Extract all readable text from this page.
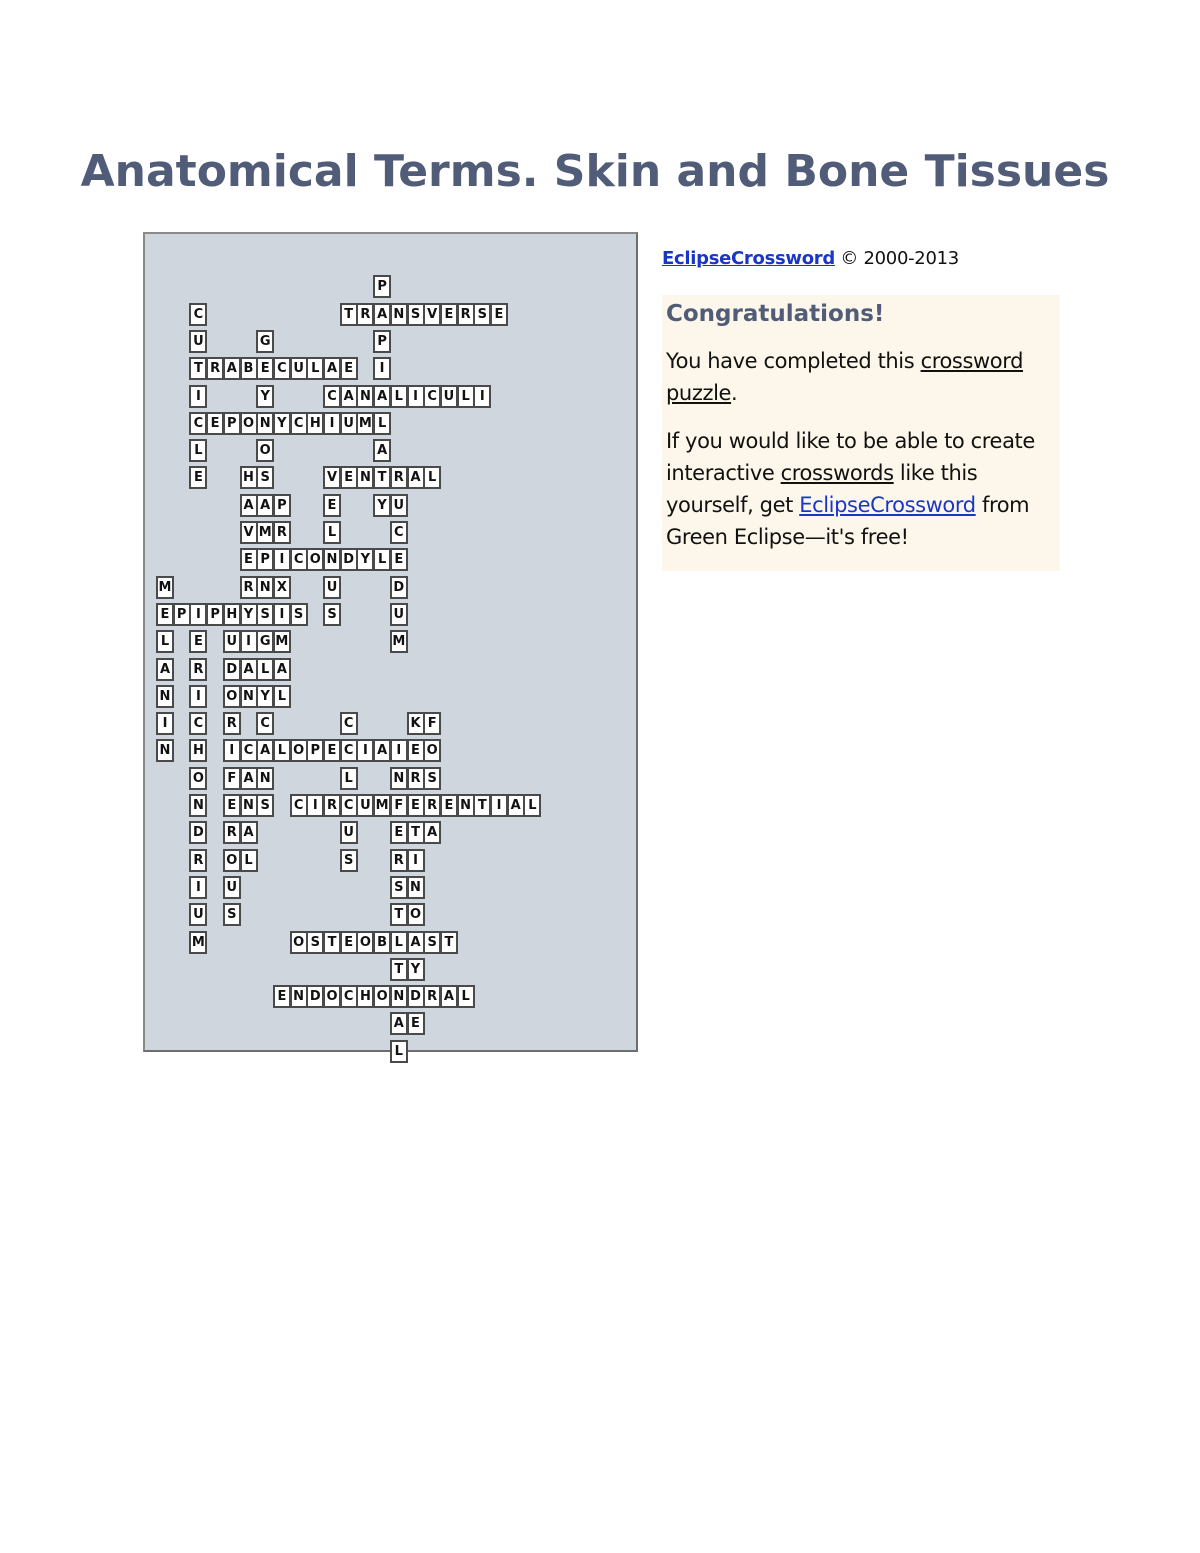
Anatomical Terms. Skin and Bone Tissues
T R A N S V E R S E
T R A B E C U L A E
C A N A L I C U L I
E P O N Y C H I U M
V E N T R A L
E P I C O N D Y L E
E P I P H Y S I S
A L O P E C I A
C I R C U M F E R E N T I A L
O S T E O B L A S T
E N D O C H O N D R A L
P
P
I
L
A
Y
C
U
I
C
L
E
G
Y
O
S
A
M
N
G
L
Y
C
N
S
H
A
V
R
I
A
N
C
A
N
A
L
P
R
X
M
A
L
E
L
U
S
U
C
D
U
M
M
L
A
N
I
N
E
R
I
C
H
O
N
D
R
I
U
M
U
D
O
R
I
F
E
R
O
U
S
C
L
U
S
I
N
E
R
S
T
T
A
L
K
E
R
T
I
N
O
Y
E
F
O
S
A

EclipseCrossword © 2000-2013

Congratulations!

You have completed this crossword puzzle.

If you would like to be able to create interactive crosswords like this yourself, get EclipseCrossword from Green Eclipse—it's free!
